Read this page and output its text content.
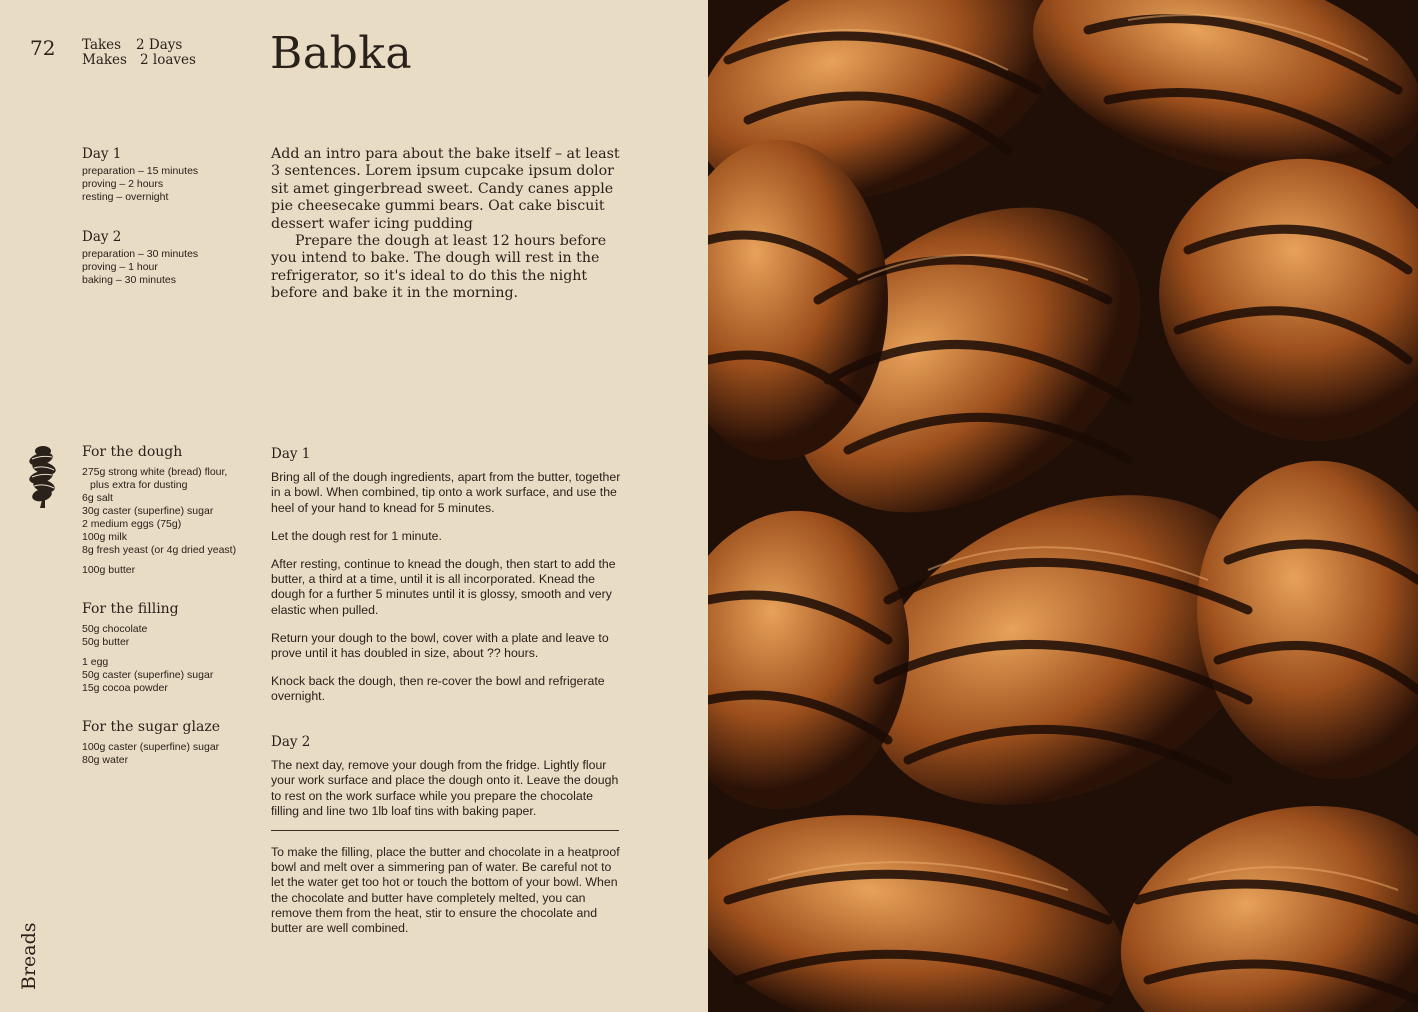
72 Takes 2 Days
Makes 2 loaves Babka
Day 1
preparation – 15 minutes
proving – 2 hours
resting – overnight
Day 2
preparation – 30 minutes
proving – 1 hour
baking – 30 minutes

Add an intro para about the bake itself – at least 3 sentences. Lorem ipsum cupcake ipsum dolor sit amet gingerbread sweet. Candy canes apple pie cheesecake gummi bears. Oat cake biscuit dessert wafer icing pudding

Prepare the dough at least 12 hours before you intend to bake. The dough will rest in the refrigerator, so it's ideal to do this the night before and bake it in the morning.

For the dough
275g strong white (bread) flour,
plus extra for dusting
6g salt
30g caster (superfine) sugar
2 medium eggs (75g)
100g milk
8g fresh yeast (or 4g dried yeast)
100g butter
For the filling
50g chocolate
50g butter
1 egg
50g caster (superfine) sugar
15g cocoa powder
For the sugar glaze
100g caster (superfine) sugar
80g water
Day 1

Bring all of the dough ingredients, apart from the butter, together in a bowl. When combined, tip onto a work surface, and use the heel of your hand to knead for 5 minutes.

Let the dough rest for 1 minute.

After resting, continue to knead the dough, then start to add the butter, a third at a time, until it is all incorporated. Knead the dough for a further 5 minutes until it is glossy, smooth and very elastic when pulled.

Return your dough to the bowl, cover with a plate and leave to prove until it has doubled in size, about ?? hours.

Knock back the dough, then re-cover the bowl and refrigerate overnight.

Day 2

The next day, remove your dough from the fridge. Lightly flour your work surface and place the dough onto it. Leave the dough to rest on the work surface while you prepare the chocolate filling and line two 1lb loaf tins with baking paper.

To make the filling, place the butter and chocolate in a heatproof bowl and melt over a simmering pan of water. Be careful not to let the water get too hot or touch the bottom of your bowl. When the chocolate and butter have completely melted, you can remove them from the heat, stir to ensure the chocolate and butter are well combined.

Breads
